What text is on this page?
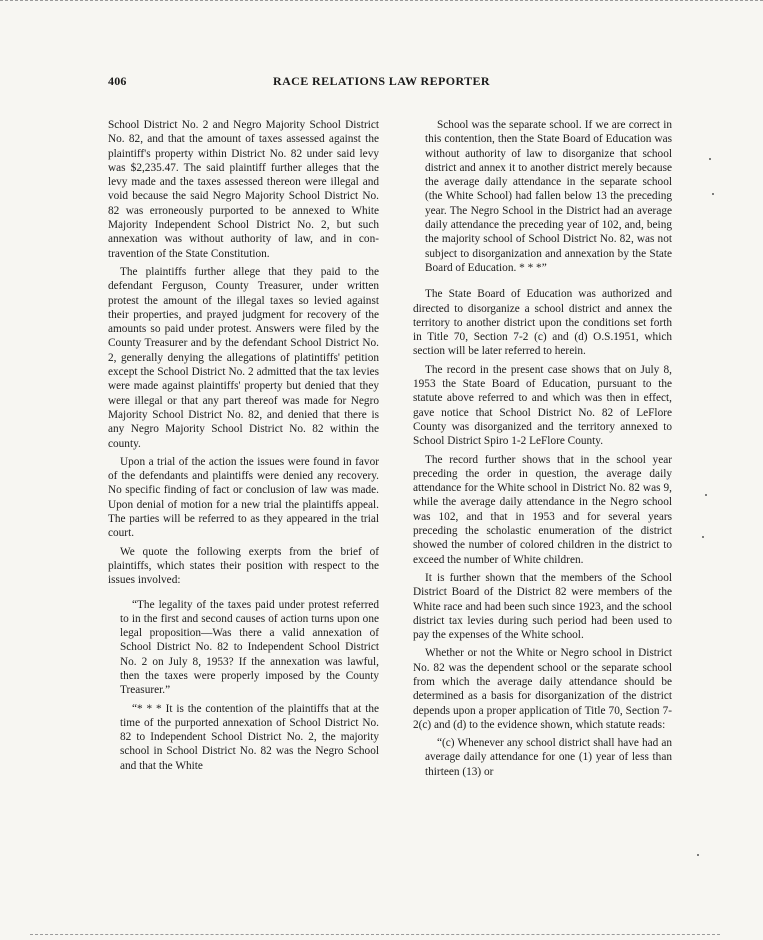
406	RACE RELATIONS LAW REPORTER

School District No. 2 and Negro Majority School District No. 82, and that the amount of taxes assessed against the plaintiff's property within District No. 82 under said levy was $2,235.47. The said plaintiff further alleges that the levy made and the taxes assessed thereon were illegal and void because the said Negro Majority School District No. 82 was erroneously purported to be annexed to White Majority Independent School District No. 2, but such annexation was without authority of law, and in contravention of the State Constitution.

The plaintiffs further allege that they paid to the defendant Ferguson, County Treasurer, under written protest the amount of the illegal taxes so levied against their properties, and prayed judgment for recovery of the amounts so paid under protest. Answers were filed by the County Treasurer and by the defendant School District No. 2, generally denying the allegations of platintiffs' petition except the School District No. 2 admitted that the tax levies were made against plaintiffs' property but denied that they were illegal or that any part thereof was made for Negro Majority School District No. 82, and denied that there is any Negro Majority School District No. 82 within the county.

Upon a trial of the action the issues were found in favor of the defendants and plaintiffs were denied any recovery. No specific finding of fact or conclusion of law was made. Upon denial of motion for a new trial the plaintiffs appeal. The parties will be referred to as they appeared in the trial court.

We quote the following exerpts from the brief of plaintiffs, which states their position with respect to the issues involved:

“The legality of the taxes paid under protest referred to in the first and second causes of action turns upon one legal proposition—Was there a valid annexation of School District No. 82 to Independent School District No. 2 on July 8, 1953? If the annexation was lawful, then the taxes were properly imposed by the County Treasurer.”

“* * * It is the contention of the plaintiffs that at the time of the purported annexation of School District No. 82 to Independent School District No. 2, the majority school in School District No. 82 was the Negro School and that the White

School was the separate school. If we are correct in this contention, then the State Board of Education was without authority of law to disorganize that school district and annex it to another district merely because the average daily attendance in the separate school (the White School) had fallen below 13 the preceding year. The Negro School in the District had an average daily attendance the preceding year of 102, and, being the majority school of School District No. 82, was not subject to disorganization and annexation by the State Board of Education. * * *”

The State Board of Education was authorized and directed to disorganize a school district and annex the territory to another district upon the conditions set forth in Title 70, Section 7-2 (c) and (d) O.S.1951, which section will be later referred to herein.

The record in the present case shows that on July 8, 1953 the State Board of Education, pursuant to the statute above referred to and which was then in effect, gave notice that School District No. 82 of LeFlore County was disorganized and the territory annexed to School District Spiro 1-2 LeFlore County.

The record further shows that in the school year preceding the order in question, the average daily attendance for the White school in District No. 82 was 9, while the average daily attendance in the Negro school was 102, and that in 1953 and for several years preceding the scholastic enumeration of the district showed the number of colored children in the district to exceed the number of White children.

It is further shown that the members of the School District Board of the District 82 were members of the White race and had been such since 1923, and the school district tax levies during such period had been used to pay the expenses of the White school.

Whether or not the White or Negro school in District No. 82 was the dependent school or the separate school from which the average daily attendance should be determined as a basis for disorganization of the district depends upon a proper application of Title 70, Section 7-2(c) and (d) to the evidence shown, which statute reads:

“(c) Whenever any school district shall have had an average daily attendance for one (1) year of less than thirteen (13) or
